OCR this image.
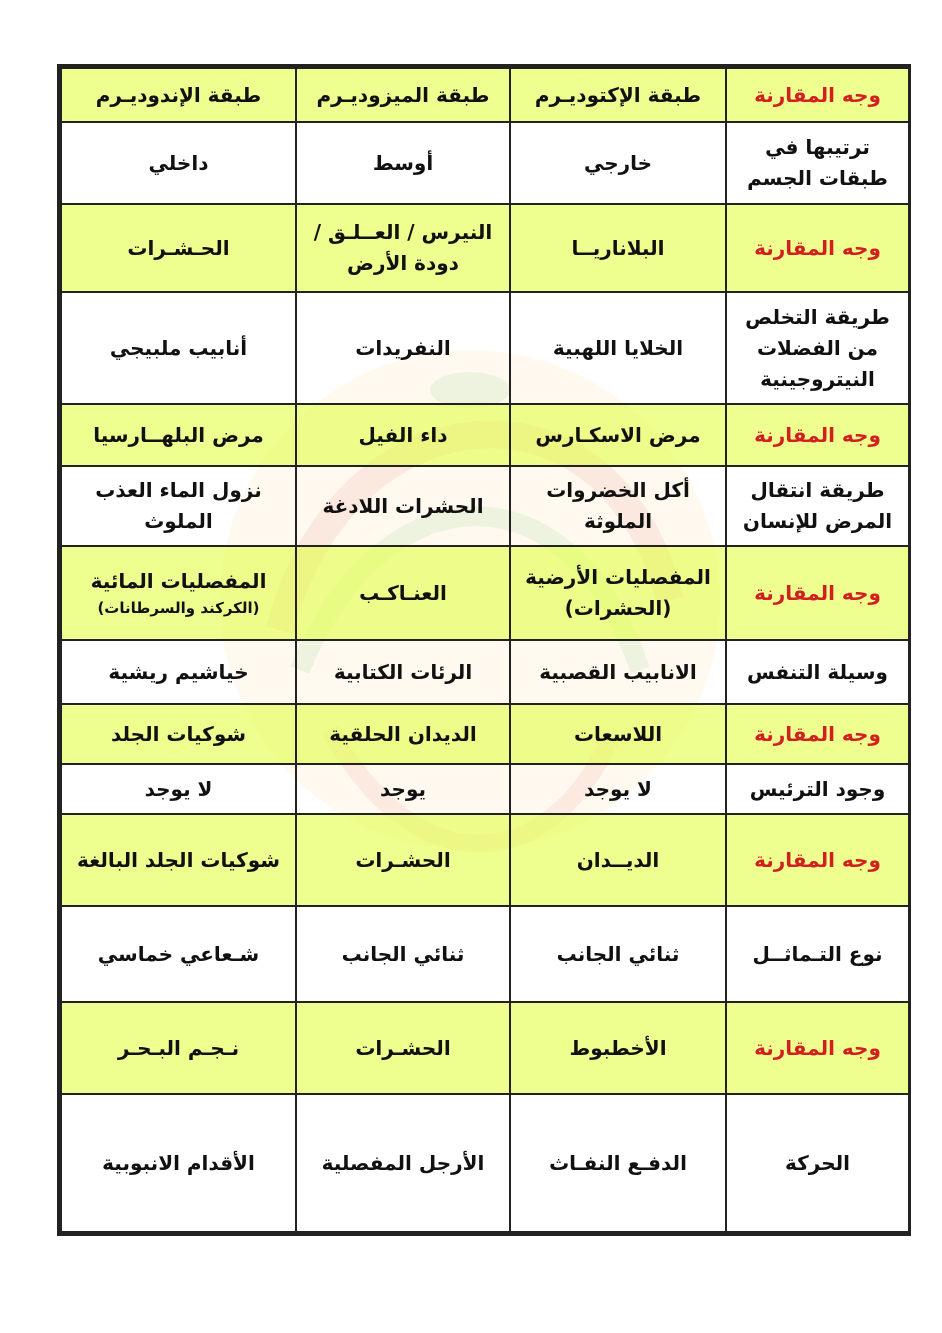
وجه المقارنة	طبقة الإكتوديـرم	طبقة الميزوديـرم	طبقة الإندوديـرم
ترتيبها في طبقات الجسم	خارجي	أوسط	داخلي
وجه المقارنة	البلاناريــا	النيرس / العــلـق / دودة الأرض	الحـشـرات
طريقة التخلص من الفضلات النيتروجينية	الخلايا اللهبية	النفريدات	أنابيب ملبيجي
وجه المقارنة	مرض الاسكـارس	داء الفيل	مرض البلهــارسيا
طريقة انتقال المرض للإنسان	أكل الخضروات الملوثة	الحشرات اللادغة	نزول الماء العذب الملوث
وجه المقارنة	المفصليات الأرضية (الحشرات)	العنـاكـب	المفصليات المائية
(الكركند والسرطانات)

وسيلة التنفس	الانابيب القصبية	الرئات الكتابية	خياشيم ريشية
وجه المقارنة	اللاسعات	الديدان الحلقية	شوكيات الجلد
وجود الترئيس	لا يوجد	يوجد	لا يوجد
وجه المقارنة	الديــدان	الحشـرات	شوكيات الجلد البالغة
نوع التـماثــل	ثنائي الجانب	ثنائي الجانب	شـعاعي خماسي
وجه المقارنة	الأخطبوط	الحشـرات	نـجـم البـحـر
الحركة	الدفـع النفـاث	الأرجل المفصلية	الأقدام الانبوبية
